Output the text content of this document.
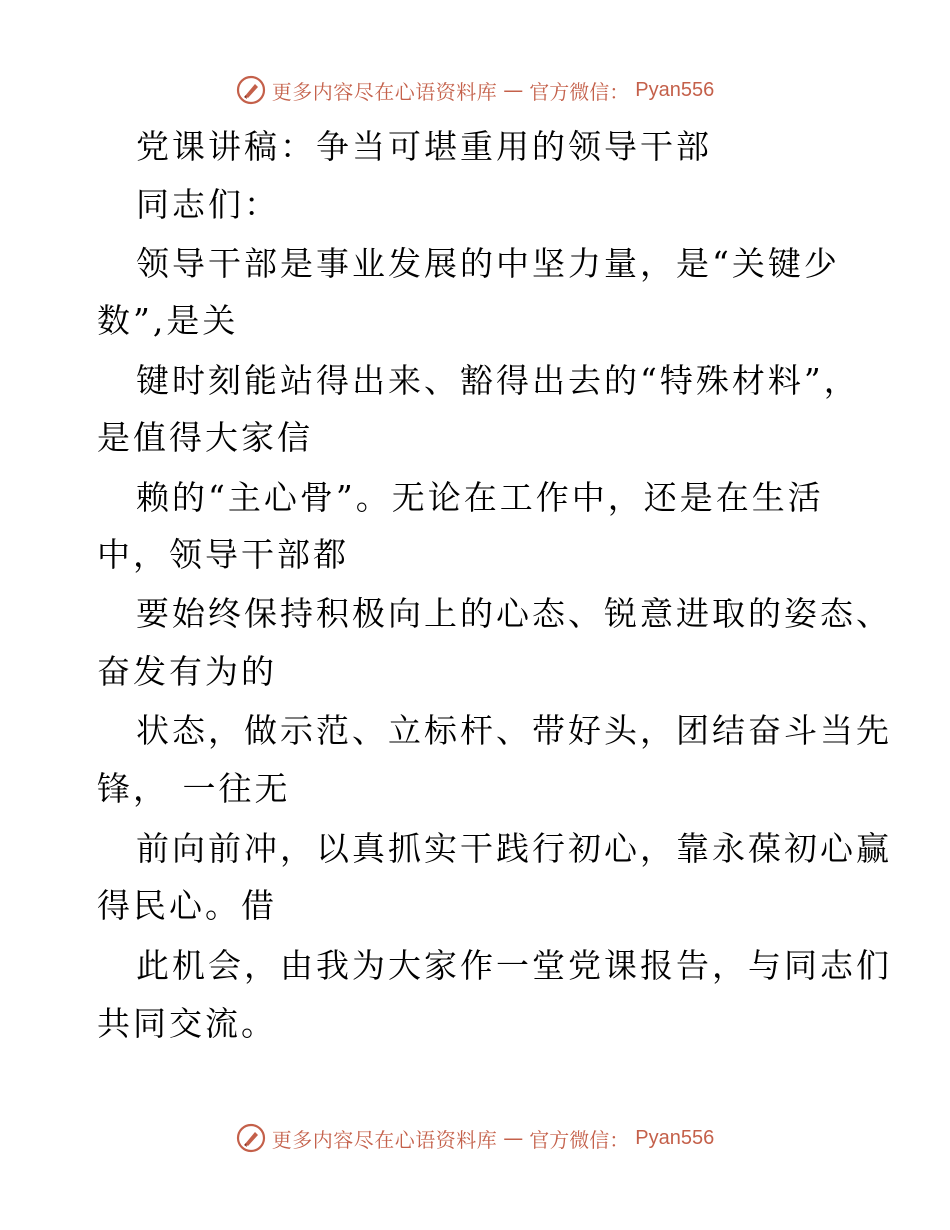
更多内容尽在心语资料库 — 官方微信： Pyan556
党课讲稿：争当可堪重用的领导干部
同志们：
领导干部是事业发展的中坚力量，是“关键少
数”,是关
键时刻能站得出来、豁得出去的“特殊材料”，
是值得大家信
赖的“主心骨”。无论在工作中，还是在生活
中，领导干部都
要始终保持积极向上的心态、锐意进取的姿态、
奋发有为的
状态，做示范、立标杆、带好头，团结奋斗当先
锋， 一往无
前向前冲，以真抓实干践行初心，靠永葆初心赢
得民心。借
此机会，由我为大家作一堂党课报告，与同志们
共同交流。
更多内容尽在心语资料库 — 官方微信： Pyan556
